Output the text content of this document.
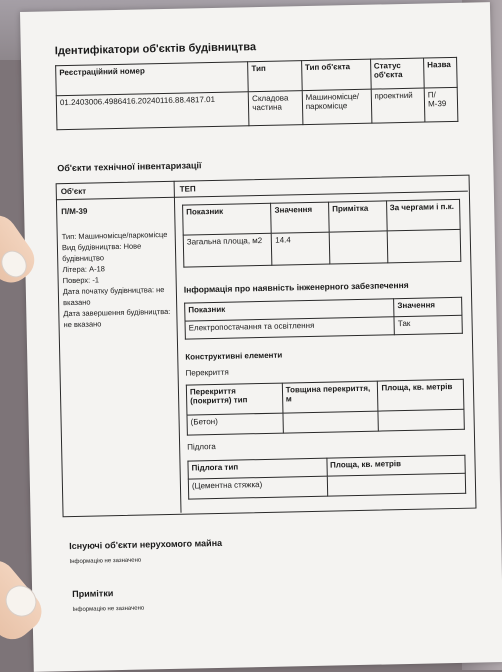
Ідентифікатори об'єктів будівництва
Реєстраційний номер	Тип	Тип об'єкта	Статус об'єкта	Назва
01.2403006.4986416.20240116.88.4817.01	Складова частина	Машиномісце/ паркомісце	проектний	П/ М-39
Об'єкти технічної інвентаризації
Об'єкт	ТЕП
П/М-39
Тип: Машиномісце/паркомісце
Вид будівництва: Нове будівництво
Літера: А-18
Поверх: -1
Дата початку будівництва: не вказано
Дата завершення будівництва: не вказано
Показник	Значення	Примітка	За чергами і п.к.
Загальна площа, м2	14.4		
Інформація про наявність інженерного забезпечення
Показник	Значення
Електропостачання та освітлення	Так
Конструктивні елементи
Перекриття
Перекриття (покриття) тип	Товщина перекриття, м	Площа, кв. метрів
(Бетон)		
Підлога
Підлога тип	Площа, кв. метрів
(Цементна стяжка)	
Існуючі об'єкти нерухомого майна
Інформацію не зазначено
Примітки
Інформацію не зазначено
